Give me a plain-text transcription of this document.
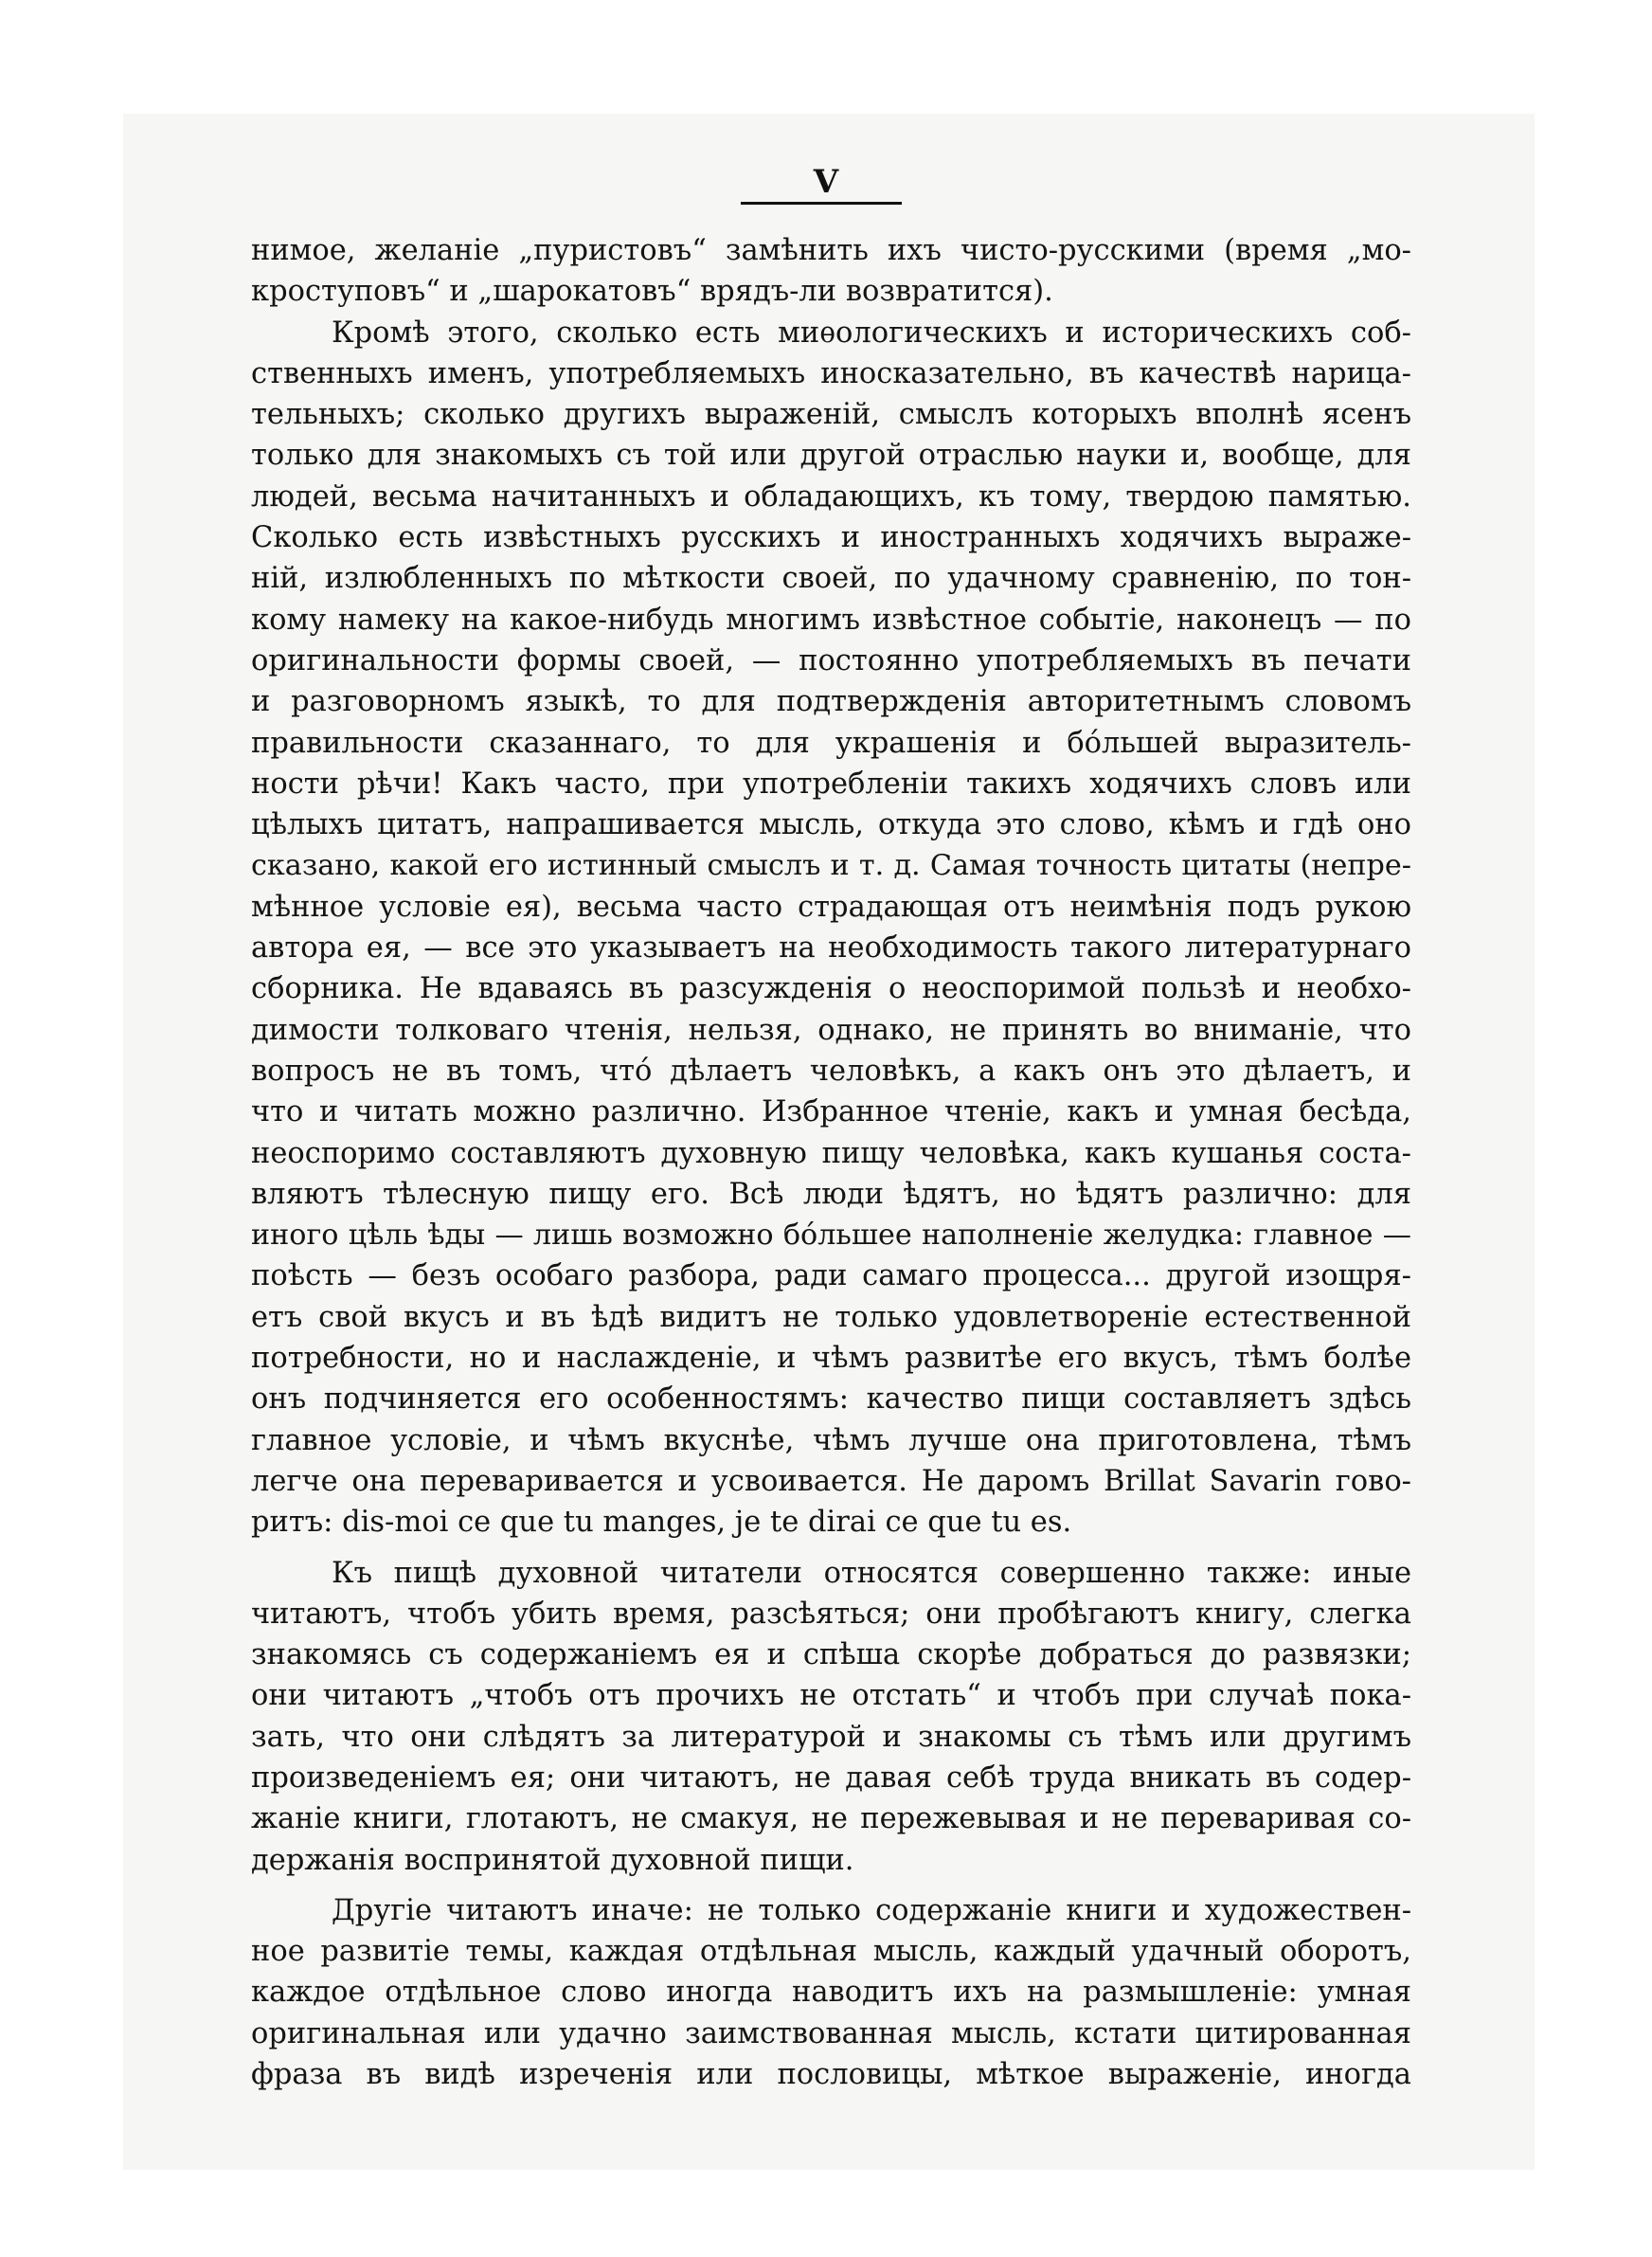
V
нимое, желаніе „пуристовъ“ замѣнить ихъ чисто-русскими (время „мо-
кроступовъ“ и „шарокатовъ“ врядъ-ли возвратится).
Кромѣ этого, сколько есть миѳологическихъ и историческихъ соб-
ственныхъ именъ, употребляемыхъ иносказательно, въ качествѣ нарица-
тельныхъ; сколько другихъ выраженій, смыслъ которыхъ вполнѣ ясенъ
только для знакомыхъ съ той или другой отраслью науки и, вообще, для
людей, весьма начитанныхъ и обладающихъ, къ тому, твердою памятью.
Сколько есть извѣстныхъ русскихъ и иностранныхъ ходячихъ выраже-
ній, излюбленныхъ по мѣткости своей, по удачному сравненію, по тон-
кому намеку на какое-нибудь многимъ извѣстное событіе, наконецъ — по
оригинальности формы своей, — постоянно употребляемыхъ въ печати
и разговорномъ языкѣ, то для подтвержденія авторитетнымъ словомъ
правильности сказаннаго, то для украшенія и бóльшей выразитель-
ности рѣчи! Какъ часто, при употребленіи такихъ ходячихъ словъ или
цѣлыхъ цитатъ, напрашивается мысль, откуда это слово, кѣмъ и гдѣ оно
сказано, какой его истинный смыслъ и т. д. Самая точность цитаты (непре-
мѣнное условіе ея), весьма часто страдающая отъ неимѣнія подъ рукою
автора ея, — все это указываетъ на необходимость такого литературнаго
сборника. Не вдаваясь въ разсужденія о неоспоримой пользѣ и необхо-
димости толковаго чтенія, нельзя, однако, не принять во вниманіе, что
вопросъ не въ томъ, чтó дѣлаетъ человѣкъ, а какъ онъ это дѣлаетъ, и
что и читать можно различно. Избранное чтеніе, какъ и умная бесѣда,
неоспоримо составляютъ духовную пищу человѣка, какъ кушанья соста-
вляютъ тѣлесную пищу его. Всѣ люди ѣдятъ, но ѣдятъ различно: для
иного цѣль ѣды — лишь возможно бóльшее наполненіе желудка: главное —
поѣсть — безъ особаго разбора, ради самаго процесса... другой изощря-
етъ свой вкусъ и въ ѣдѣ видитъ не только удовлетвореніе естественной
потребности, но и наслажденіе, и чѣмъ развитѣе его вкусъ, тѣмъ болѣе
онъ подчиняется его особенностямъ: качество пищи составляетъ здѣсь
главное условіе, и чѣмъ вкуснѣе, чѣмъ лучше она приготовлена, тѣмъ
легче она переваривается и усвоивается. Не даромъ Brillat Savarin гово-
ритъ: dis-moi ce que tu manges, je te dirai ce que tu es.
Къ пищѣ духовной читатели относятся совершенно также: иные
читаютъ, чтобъ убить время, разсѣяться; они пробѣгаютъ книгу, слегка
знакомясь съ содержаніемъ ея и спѣша скорѣе добраться до развязки;
они читаютъ „чтобъ отъ прочихъ не отстать“ и чтобъ при случаѣ пока-
зать, что они слѣдятъ за литературой и знакомы съ тѣмъ или другимъ
произведеніемъ ея; они читаютъ, не давая себѣ труда вникать въ содер-
жаніе книги, глотаютъ, не смакуя, не пережевывая и не переваривая со-
держанія воспринятой духовной пищи.
Другіе читаютъ иначе: не только содержаніе книги и художествен-
ное развитіе темы, каждая отдѣльная мысль, каждый удачный оборотъ,
каждое отдѣльное слово иногда наводитъ ихъ на размышленіе: умная
оригинальная или удачно заимствованная мысль, кстати цитированная
фраза въ видѣ изреченія или пословицы, мѣткое выраженіе, иногда
